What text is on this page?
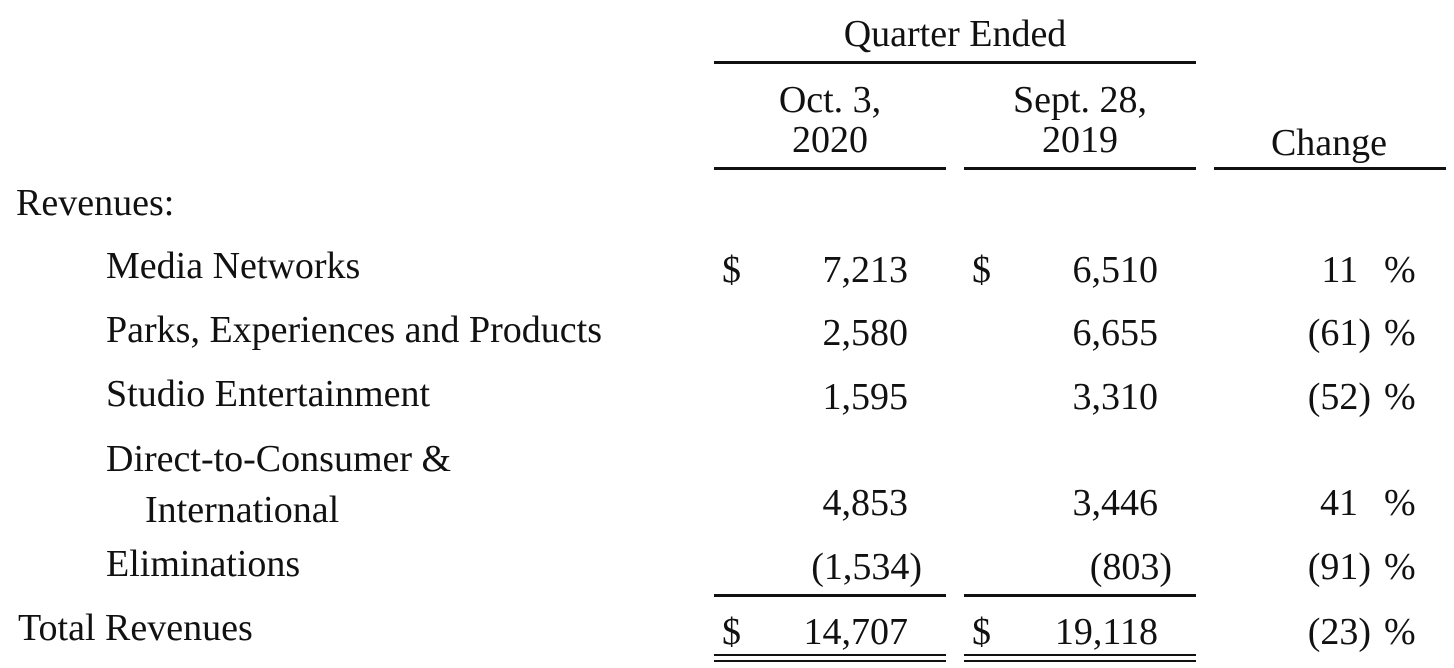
Quarter Ended
Oct. 3,
2020
Sept. 28,
2019	Change
Revenues:
Media Networks	$	7,213 $	6,510	11 %
Parks, Experiences and Products	2,580	6,655	(61) %
Studio Entertainment	1,595	3,310	(52) %
Direct-to-Consumer &
International	4,853	3,446	41 %
Eliminations	(1,534)	(803)	(91) %
Total Revenues	$	14,707 $	19,118	(23) %
